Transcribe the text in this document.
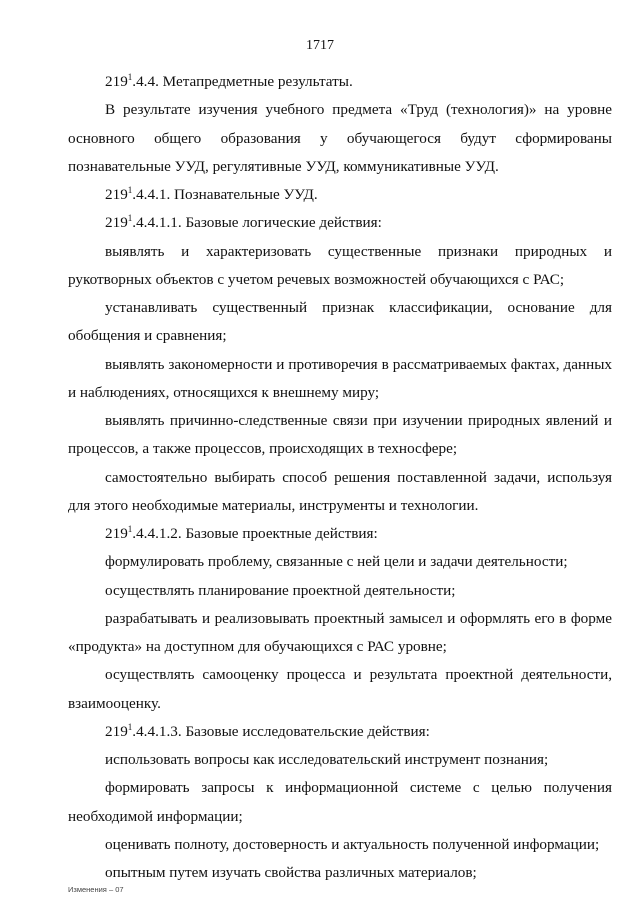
1717

$219^1.4.4$. Метапредметные результаты.

В результате изучения учебного предмета «Труд (технология)» на уровне основного общего образования у обучающегося будут сформированы познавательные УУД, регулятивные УУД, коммуникативные УУД.

$219^1.4.4.1$. Познавательные УУД.

$219^1.4.4.1.1$. Базовые логические действия:

выявлять и характеризовать существенные признаки природных и рукотворных объектов с учетом речевых возможностей обучающихся с РАС;

устанавливать существенный признак классификации, основание для обобщения и сравнения;

выявлять закономерности и противоречия в рассматриваемых фактах, данных и наблюдениях, относящихся к внешнему миру;

выявлять причинно-следственные связи при изучении природных явлений и процессов, а также процессов, происходящих в техносфере;

самостоятельно выбирать способ решения поставленной задачи, используя для этого необходимые материалы, инструменты и технологии.

$219^1.4.4.1.2$. Базовые проектные действия:

формулировать проблему, связанные с ней цели и задачи деятельности;

осуществлять планирование проектной деятельности;

разрабатывать и реализовывать проектный замысел и оформлять его в форме «продукта» на доступном для обучающихся с РАС уровне;

осуществлять самооценку процесса и результата проектной деятельности, взаимооценку.

$219^1.4.4.1.3$. Базовые исследовательские действия:

использовать вопросы как исследовательский инструмент познания;

формировать запросы к информационной системе с целью получения необходимой информации;

оценивать полноту, достоверность и актуальность полученной информации;

опытным путем изучать свойства различных материалов;

Изменения – 07
